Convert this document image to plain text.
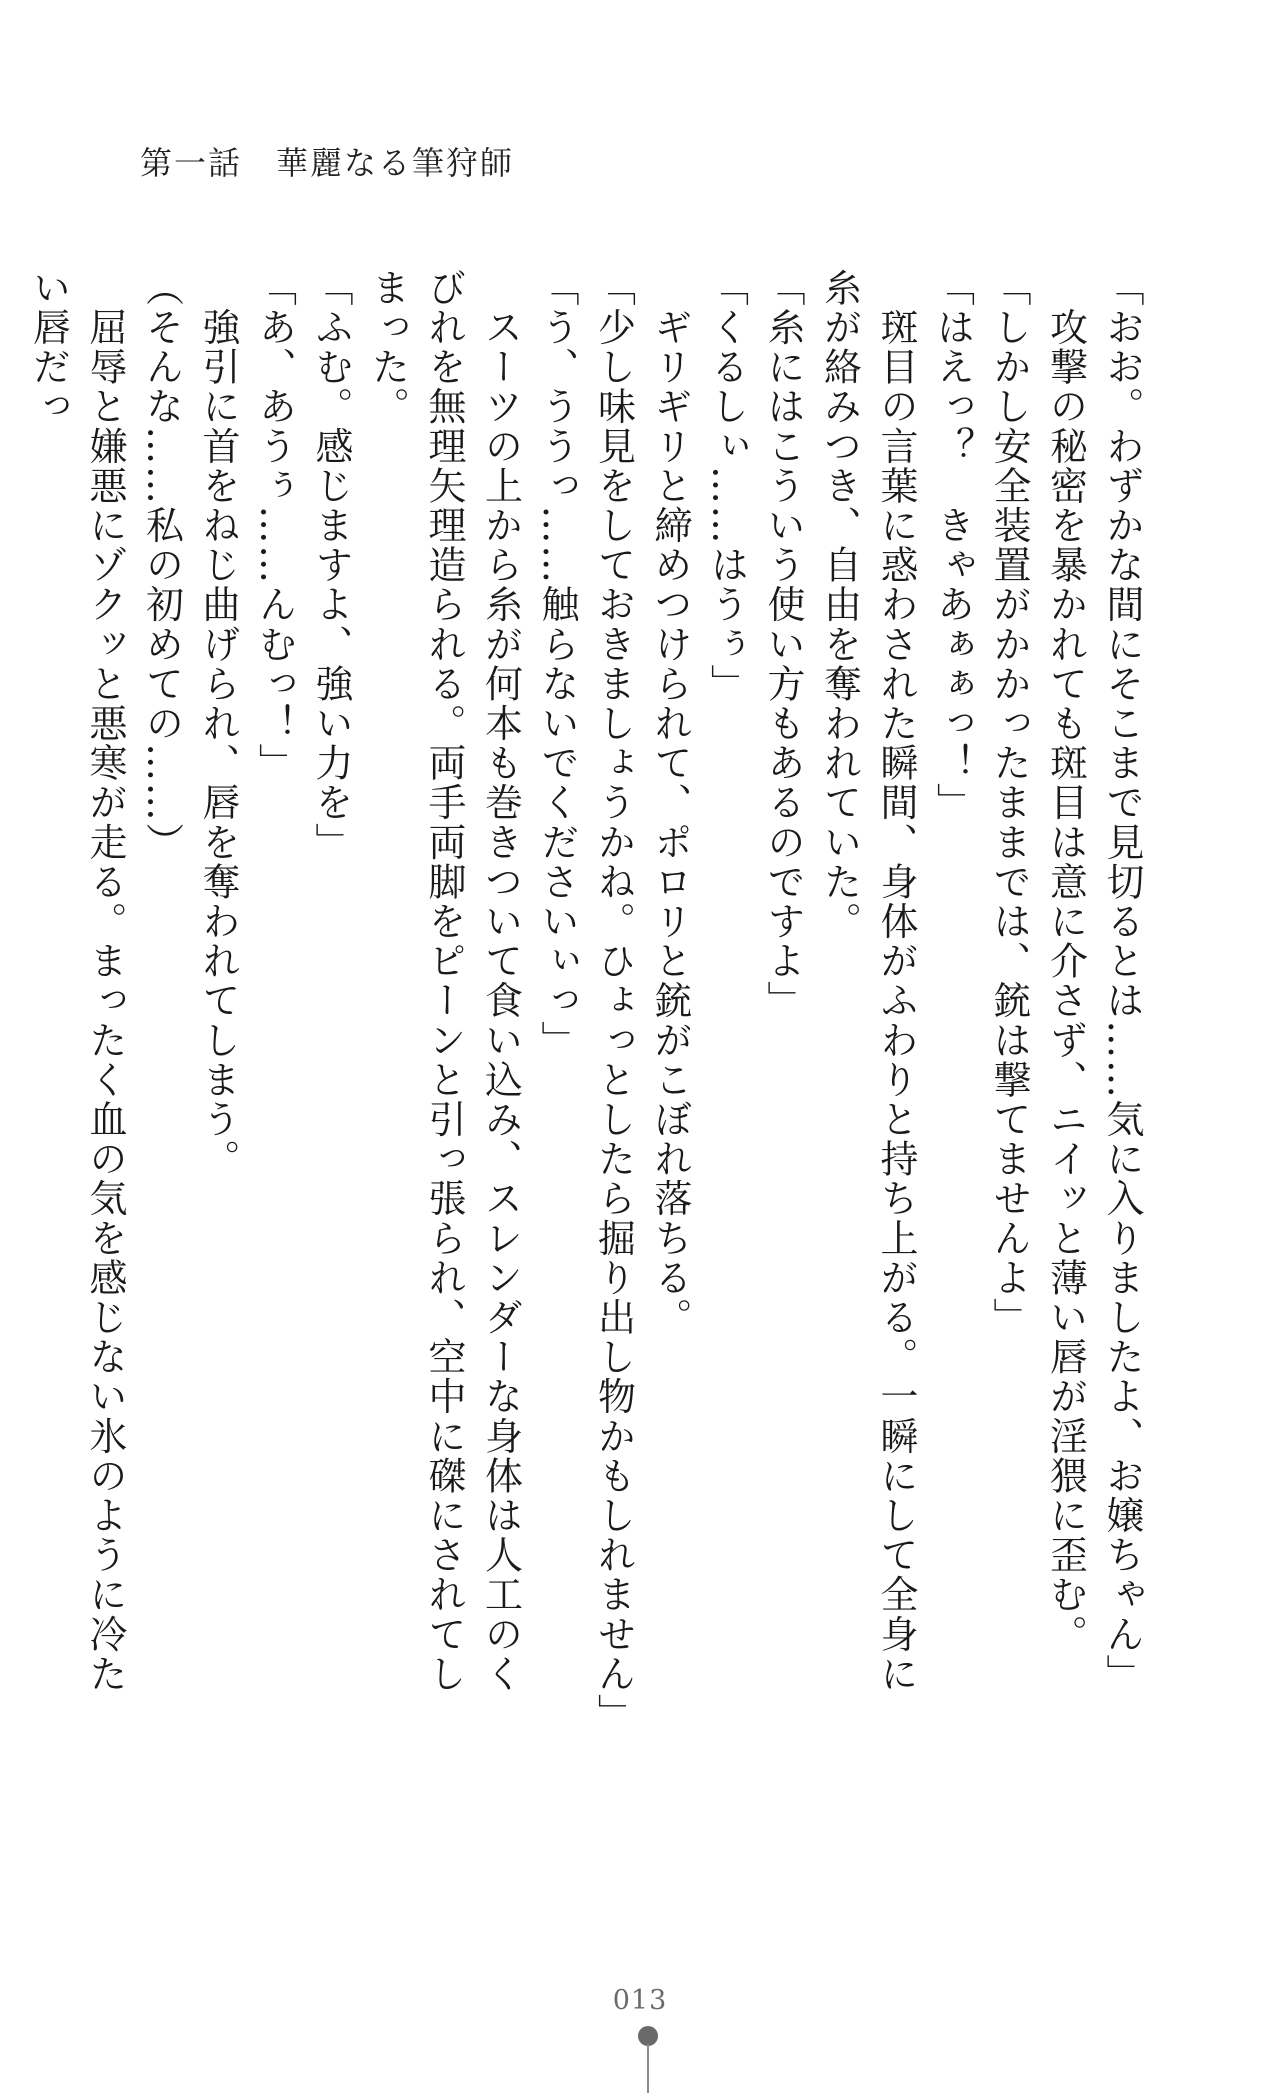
第一話　華麗なる筆狩師

「おお。わずかな間にそこまで見切るとは……気に入りましたよ、お嬢ちゃん」

　攻撃の秘密を暴かれても斑目は意に介さず、ニイッと薄い唇が淫猥に歪む。

「しかし安全装置がかかったままでは、銃は撃てませんよ」

「はえっ？　きゃあぁぁっ！」

　斑目の言葉に惑わされた瞬間、身体がふわりと持ち上がる。一瞬にして全身に糸が絡みつき、自由を奪われていた。

「糸にはこういう使い方もあるのですよ」

「くるしぃ……はうぅ」

　ギリギリと締めつけられて、ポロリと銃がこぼれ落ちる。

「少し味見をしておきましょうかね。ひょっとしたら掘り出し物かもしれません」

「う、ううっ……触らないでくださいぃっ」

　スーツの上から糸が何本も巻きついて食い込み、スレンダーな身体は人工のくびれを無理矢理造られる。両手両脚をピーンと引っ張られ、空中に磔にされてしまった。

「ふむ。感じますよ、強い力を」

「あ、あうぅ……んむっ！」

　強引に首をねじ曲げられ、唇を奪われてしまう。

（そんな……私の初めての……）

　屈辱と嫌悪にゾクッと悪寒が走る。まったく血の気を感じない氷のように冷たい唇だっ

013
